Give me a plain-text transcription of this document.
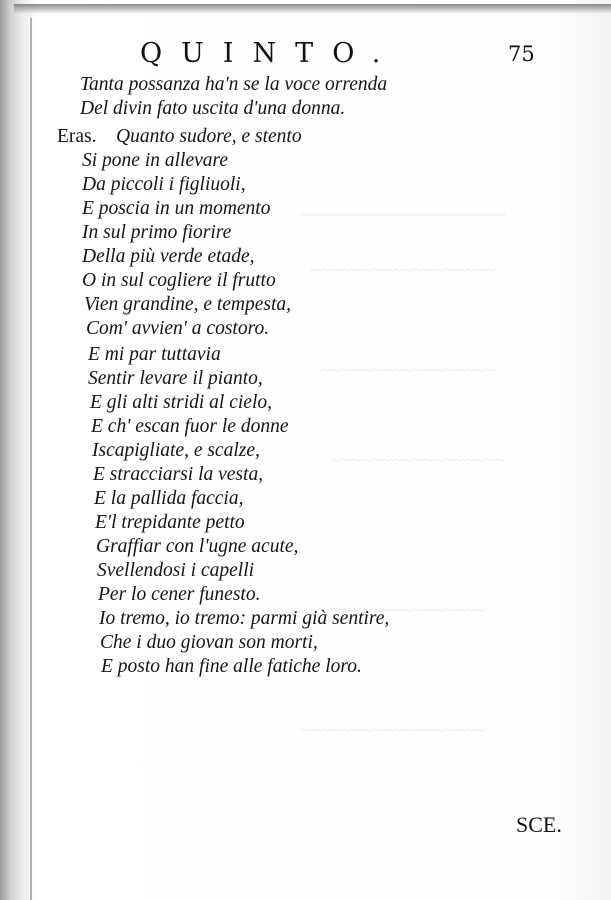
QUINTO.	75
Tanta possanza ha'n se la voce orrenda
Del divin fato uscita d'una donna.
Eras. Quanto sudore, e stento
Si pone in allevare
Da piccoli i figliuoli,
E poscia in un momento
In sul primo fiorire
Della più verde etade,
O in sul cogliere il frutto
Vien grandine, e tempesta,
Com' avvien' a costoro.
E mi par tuttavia
Sentir levare il pianto,
E gli alti stridi al cielo,
E ch' escan fuor le donne
Iscapigliate, e scalze,
E stracciarsi la vesta,
E la pallida faccia,
E'l trepidante petto
Graffiar con l'ugne acute,
Svellendosi i capelli
Per lo cener funesto.
Io tremo, io tremo: parmi già sentire,
Che i duo giovan son morti,
E posto han fine alle fatiche loro.
~~~~~~~~~~~~~~~~~~~~
~~~~~~~~~~~~~~~~~~
~~~~~~~~~~~~~~~~~
~~~~~~~~~~~~~~~~~
~~~~~~~~~~~~~~~
~~~~~~~~~~~~~~~~~~
SCE.
